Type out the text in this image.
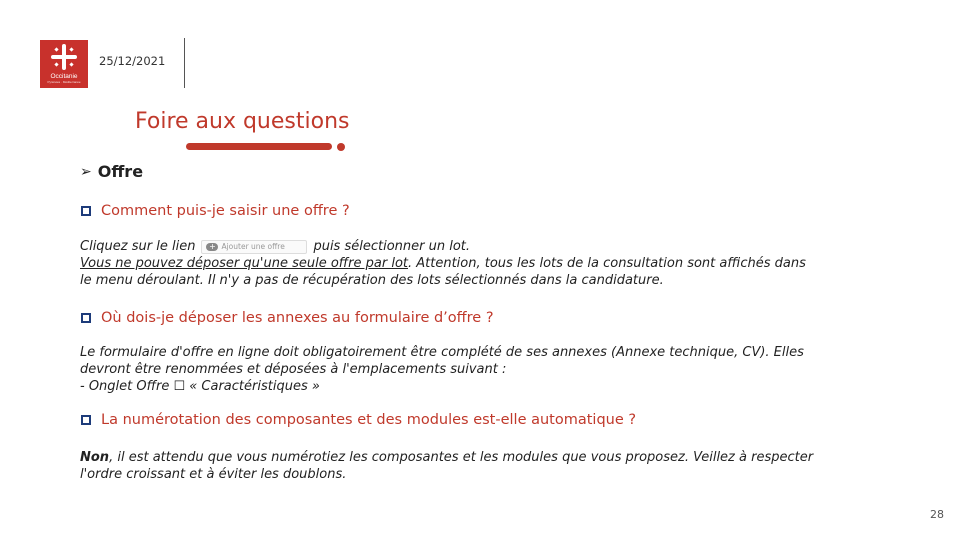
Occitanie
Pyrénées · Méditerranée
25/12/2021
Foire aux questions
➢ Offre
Comment puis-je saisir une offre ?
Cliquez sur le lien	+ Ajouter une offre puis sélectionner un lot.
Vous ne pouvez déposer qu'une seule offre par lot. Attention, tous les lots de la consultation sont affichés dans
le menu déroulant. Il n'y a pas de récupération des lots sélectionnés dans la candidature.
Où dois-je déposer les annexes au formulaire d’offre ?
Le formulaire d'offre en ligne doit obligatoirement être complété de ses annexes (Annexe technique, CV). Elles
devront être renommées et déposées à l'emplacements suivant :
- Onglet Offre ☐ « Caractéristiques »
La numérotation des composantes et des modules est-elle automatique ?
Non, il est attendu que vous numérotiez les composantes et les modules que vous proposez. Veillez à respecter
l'ordre croissant et à éviter les doublons.
28
